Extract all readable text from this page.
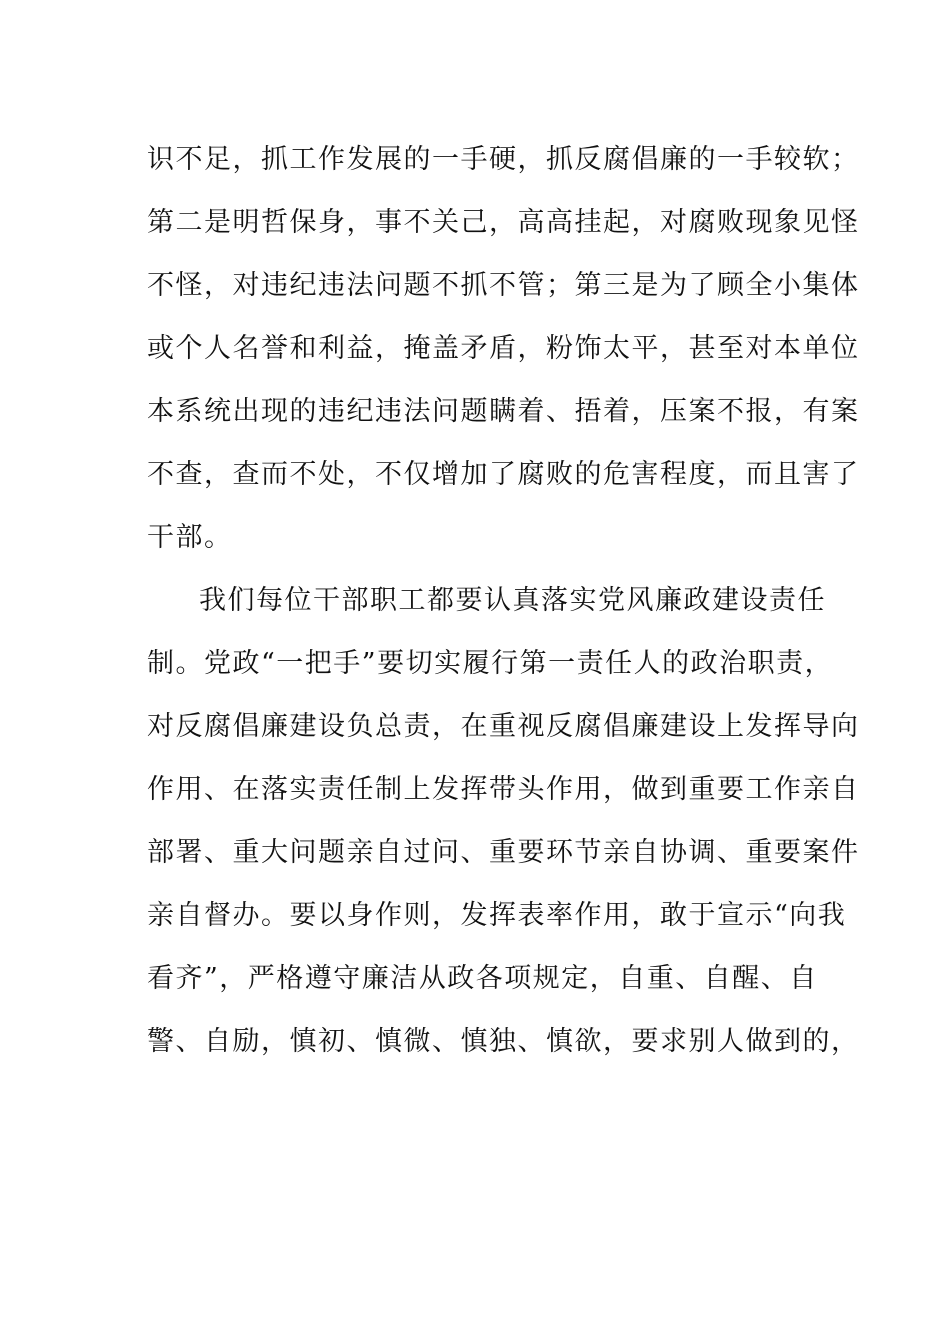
识不足，抓工作发展的一手硬，抓反腐倡廉的一手较软；
第二是明哲保身，事不关己，高高挂起，对腐败现象见怪
不怪，对违纪违法问题不抓不管；第三是为了顾全小集体
或个人名誉和利益，掩盖矛盾，粉饰太平，甚至对本单位
本系统出现的违纪违法问题瞒着、捂着，压案不报，有案
不查，查而不处，不仅增加了腐败的危害程度，而且害了
干部。
我们每位干部职工都要认真落实党风廉政建设责任
制。党政“一把手”要切实履行第一责任人的政治职责，
对反腐倡廉建设负总责，在重视反腐倡廉建设上发挥导向
作用、在落实责任制上发挥带头作用，做到重要工作亲自
部署、重大问题亲自过问、重要环节亲自协调、重要案件
亲自督办。要以身作则，发挥表率作用，敢于宣示“向我
看齐”，严格遵守廉洁从政各项规定，自重、自醒、自
警、自励，慎初、慎微、慎独、慎欲，要求别人做到的，
